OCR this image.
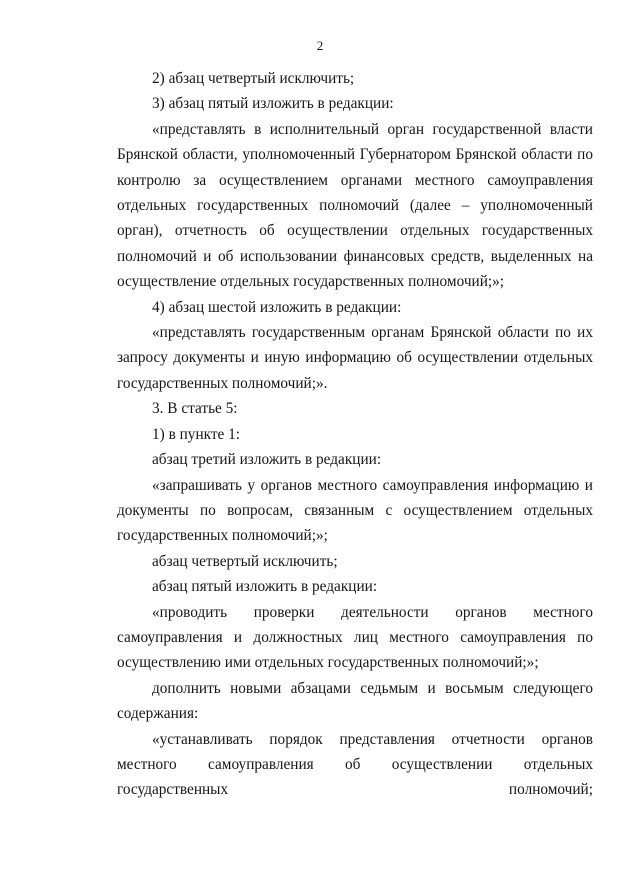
2

2) абзац четвертый исключить;

3) абзац пятый изложить в редакции:

«представлять в исполнительный орган государственной власти Брянской области, уполномоченный Губернатором Брянской области по контролю за осуществлением органами местного самоуправления отдельных государственных полномочий (далее – уполномоченный орган), отчетность об осуществлении отдельных государственных полномочий и об использовании финансовых средств, выделенных на осуществление отдельных государственных полномочий;»;

4) абзац шестой изложить в редакции:

«представлять государственным органам Брянской области по их запросу документы и иную информацию об осуществлении отдельных государственных полномочий;».

3. В статье 5:

1) в пункте 1:

абзац третий изложить в редакции:

«запрашивать у органов местного самоуправления информацию и документы по вопросам, связанным с осуществлением отдельных государственных полномочий;»;

абзац четвертый исключить;

абзац пятый изложить в редакции:

«проводить проверки деятельности органов местного самоуправления и должностных лиц местного самоуправления по осуществлению ими отдельных государственных полномочий;»;

дополнить новыми абзацами седьмым и восьмым следующего содержания:

«устанавливать порядок представления отчетности органов местного самоуправления об осуществлении отдельных государственных полномочий;
